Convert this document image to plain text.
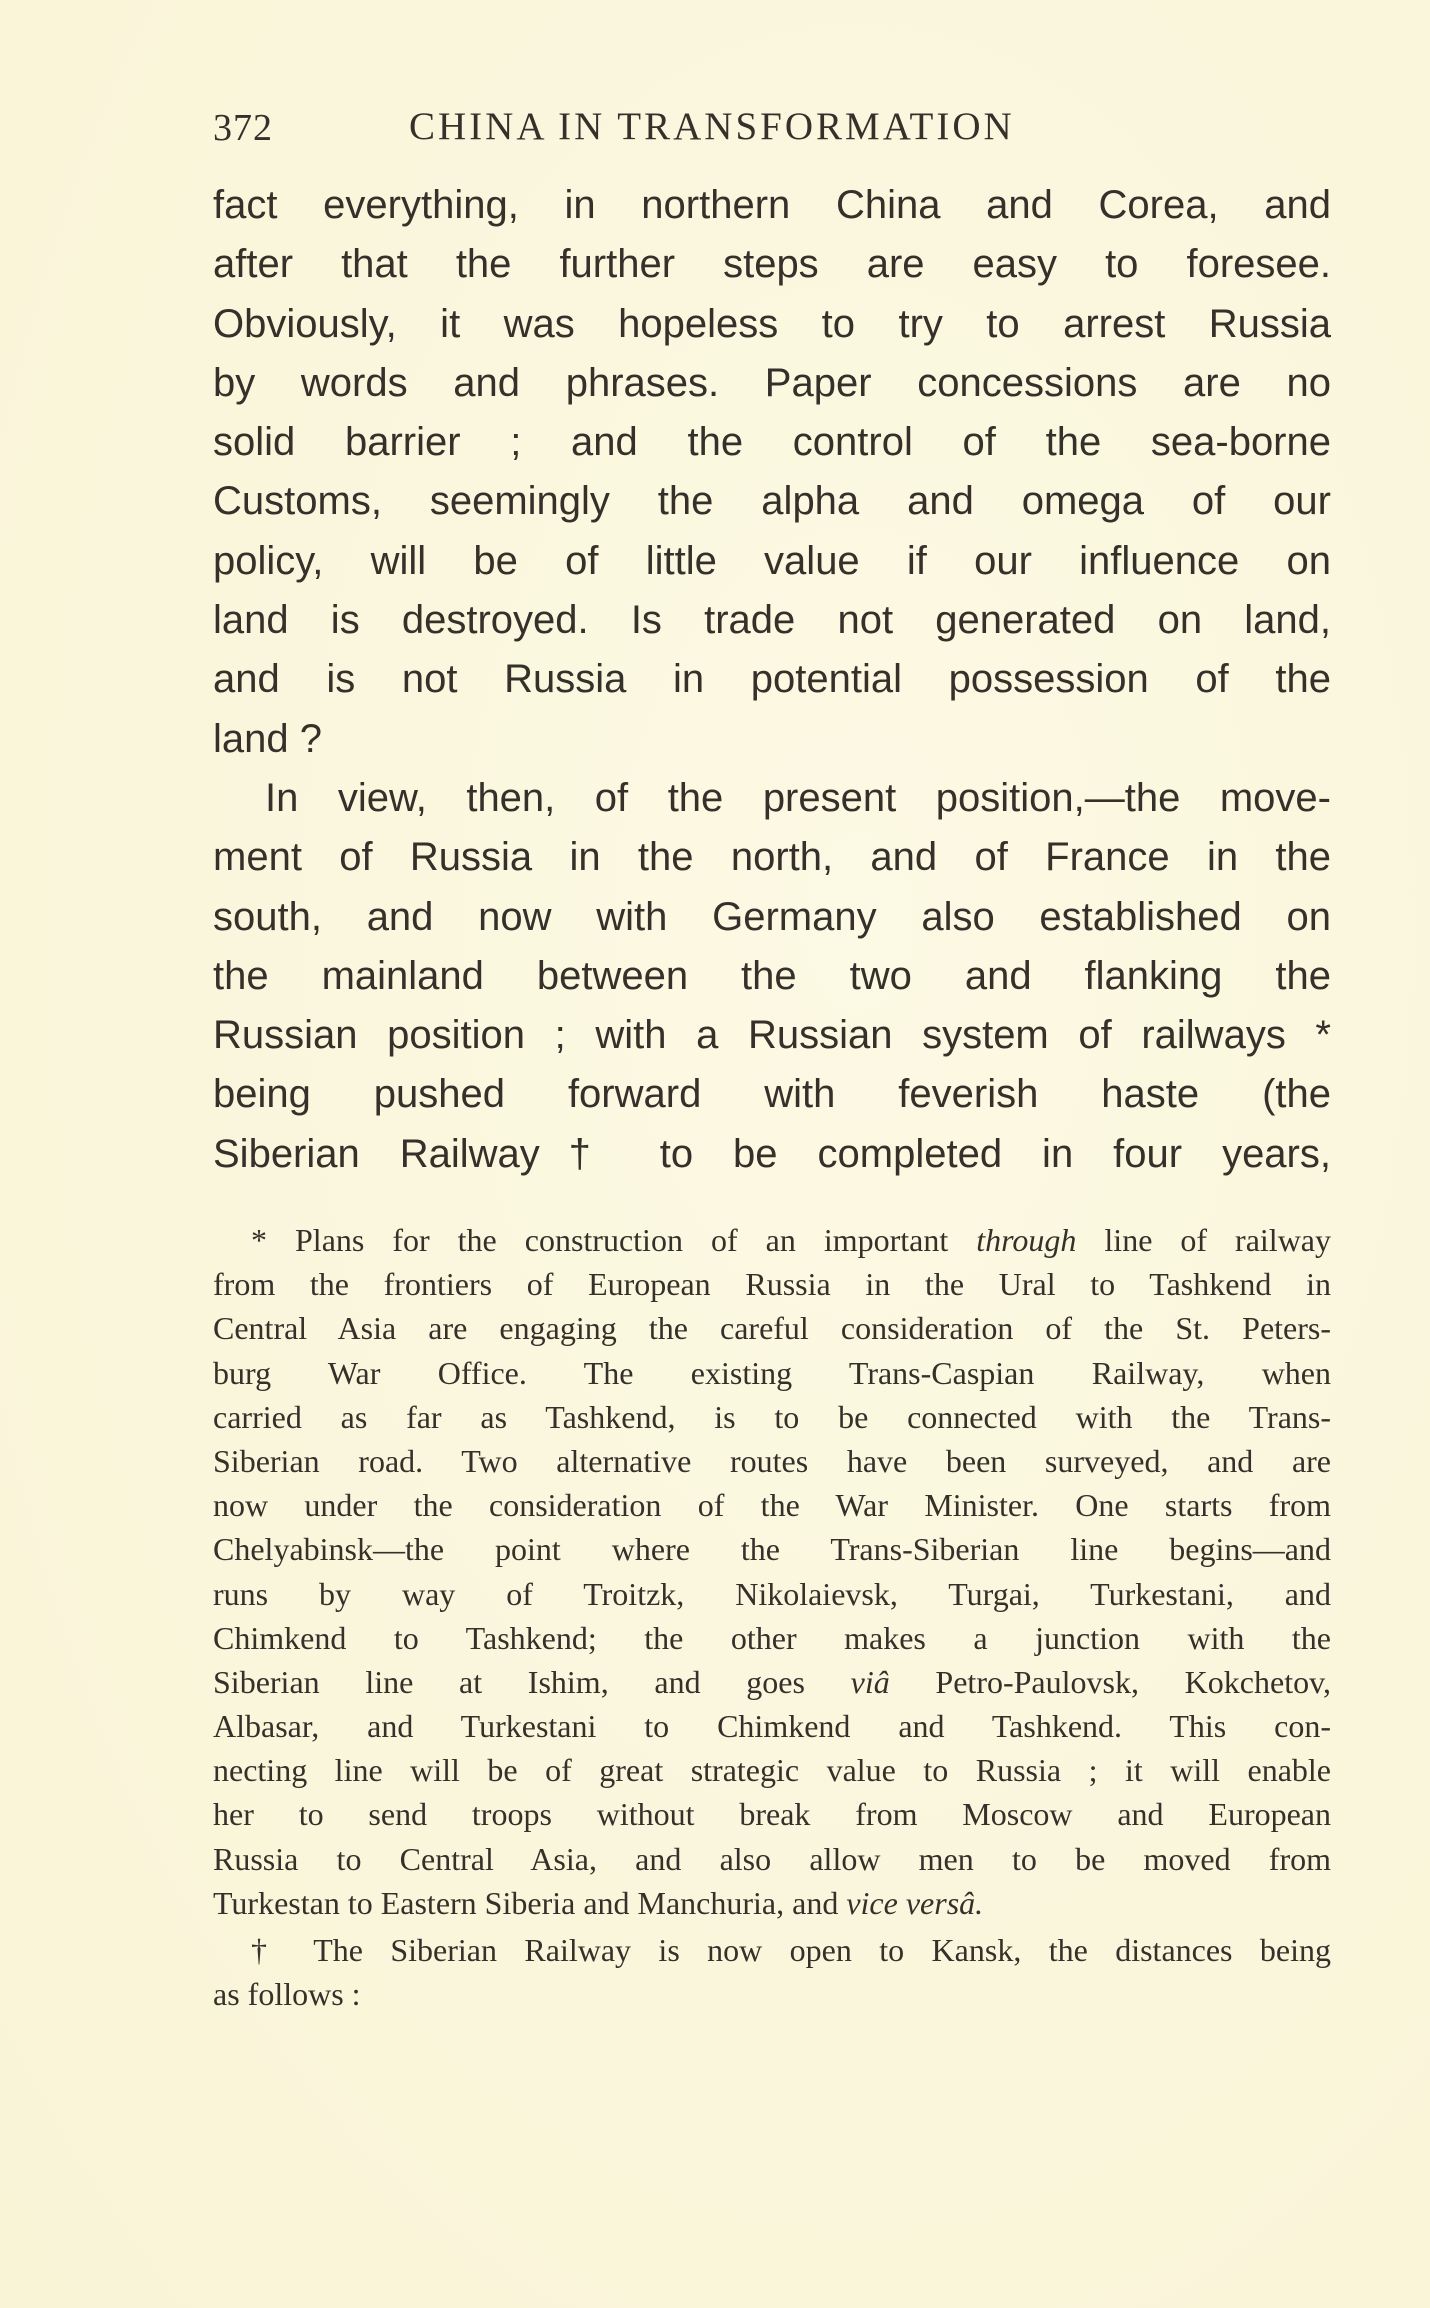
372	CHINA IN TRANSFORMATION
fact everything, in northern China and Corea, and
after that the further steps are easy to foresee.
Obviously, it was hopeless to try to arrest Russia
by words and phrases. Paper concessions are no
solid barrier ; and the control of the sea-borne
Customs, seemingly the alpha and omega of our
policy, will be of little value if our influence on
land is destroyed. Is trade not generated on land,
and is not Russia in potential possession of the
land ?
In view, then, of the present position,—the move-
ment of Russia in the north, and of France in the
south, and now with Germany also established on
the mainland between the two and flanking the
Russian position ; with a Russian system of railways *
being pushed forward with feverish haste (the
Siberian Railway† to be completed in four years,
* Plans for the construction of an important through line of railway
from the frontiers of European Russia in the Ural to Tashkend in
Central Asia are engaging the careful consideration of the St. Peters-
burg War Office. The existing Trans-Caspian Railway, when
carried as far as Tashkend, is to be connected with the Trans-
Siberian road. Two alternative routes have been surveyed, and are
now under the consideration of the War Minister. One starts from
Chelyabinsk—the point where the Trans-Siberian line begins—and
runs by way of Troitzk, Nikolaievsk, Turgai, Turkestani, and
Chimkend to Tashkend; the other makes a junction with the
Siberian line at Ishim, and goes viâ Petro-Paulovsk, Kokchetov,
Albasar, and Turkestani to Chimkend and Tashkend. This con-
necting line will be of great strategic value to Russia ; it will enable
her to send troops without break from Moscow and European
Russia to Central Asia, and also allow men to be moved from
Turkestan to Eastern Siberia and Manchuria, and vice versâ.
† The Siberian Railway is now open to Kansk, the distances being
as follows :
